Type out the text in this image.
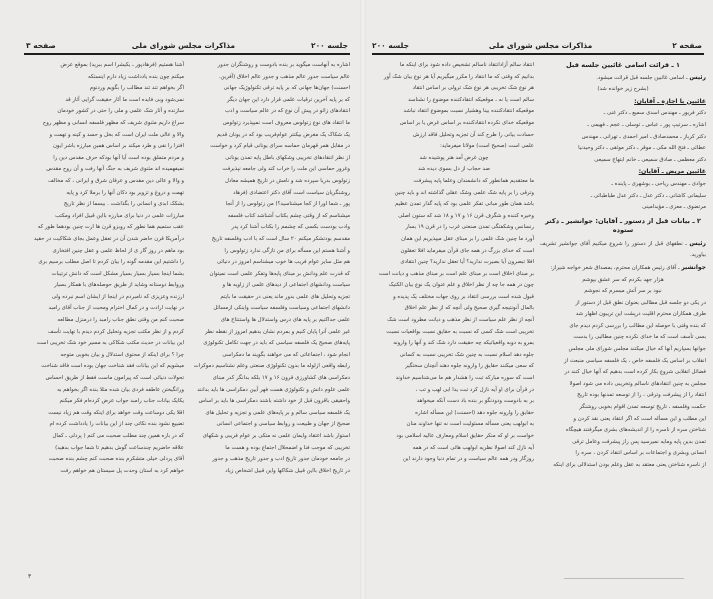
جلسه ۲۰۰
مذاکرات مجلس شورای ملی
صفحه ۳

اشاره به آنهاست میگوید بر بنده بادوست و روشنگران جدور

عالم سیاست جدور عالم مذهب و جدور عالم اخلاق (آفرین.

احسنت) جهان‌ها جهانی که بر پایه ترقی تکنولوژیک جهانی

که بر پایه آخرین ترقیات علمی قرار دارد این جهان دیگر

انتقادهای زائو در پیش آن نوع که در عالم سیاست و ادب

ما انتقاد های نوع زتولوس معروف است نمیپذیرد زتولوس

یک شکاک یک مغرض بیکنتر عوام‌فریب بود که در یونان قدیم

در مقابل همر قهرمان حماسه سرای یونانی قیام کرد و خواست

از نظر انتقادهای تخریبی وشکهای باطل پایه تمدن یونانی

وغرور حماسی این ملت را خراب کند ولی جامعه نپذیرفت

زتولوس بدریا سپرده شد و نامش در تاریخ همیشه معادل

روشنگریان سیاست است آقای دکتر اعتضادی (فرهاد

پور ـ شما اورا از کجا میشناسید؟) من زتولوس را از آنجا

میشناسم که از وقتی چشم بکتاب آشناشد کتاب فلسفه

وادب بودست بکسی که چشمم را بکتاب آشنا کرد پدر

مقدسم بودتشکر میکنم ۲۰ سال است که با ادب وفلسفه تاریخ

و آشنا هستم این مسأله برای من تازگی ندارد زتولوس را

هم مثل سایر عوام فریب ها خوب میشناسم امروز در دنیائی

که قدرت علم ودانش بر مبنای پایه‌ها وتفکر علمی است نمیتوان

سیاست ودانشهای اجتماعی از دیدهای علمی از زاویه ها و

تجزیه وتحلیل های علمی بدور ماند یعنی در حقیقت ما بایتم

دانشهای اجتماعی وسیاست وفلسفه سیاست واینکی ازمسائل

علمی جداکنیم بر پایه های درس واستدلال ها واستنتاج های

غیر علمی آنرا پایان کنیم و بمردم نشان بدهیم امروز از نقطه نظر

پایه‌های صحیح یک فلسفه سیاسی که باید در جهت تکامل تکنولوژی

انجام شود ، اجتماعاتی که می خواهند بگویند ما دمکراسی

رابطه واقعی ازلوله ما بدون تکنولوژی صنعتی وعلم نشناسیم دموکرات

دمکراسی های کشاورزی قرون ۱۶ و ۱۷ بلکه بدانگر کدر مبنای

علمی علوم دانش و تکنولوژی هست فهر آیین دمکراسی ها باید بدانند

واحقیقی باقرون قبل از خود داشته باشند دمکراسی ها باید بر اساس

یک فلسفه سیاسی سالم و بر پایه‌های علمی و تجزیه و تحلیل های

صحیح از جهان و طبیعت و روابط سیاسی و اجتماعی انسانی

استوار باشد اعتقاد وایمان علمی نه متکی بر عوام فریبی و شکهای

تخریبی که موجب فنا و اضمحلال اجتماع بوده و هست ما

در جامعه خودمان جدور تاریخ ادب و جدور تاریخ مذهب و جدور

در تاریخ اخلاق بااین قبیل شکاکها واین قبیل اشخاص زیاد

آشنا هستیم (فرهادپور ـ یکیشرا اسم ببرید) بموقع عرض

میکنم چون بنده یادداشت زیاد دارم اینستکه

اگر بخواهم تند تند مطالب را بگویم وردنوم

نمی‌شود وبی فایده است ما آثار حقیقت گرایی آثار قد

سازنده و آثار شک علمی و ملی را حتی در کشور خودمان

سراغ داریم مثنوی شریف که مظهر فلسفه انسانی و مظهر روح

والا و عالی ملت ایران است که بخل و حسد و کینه و تهمت و

افترا را نفی و طرد میکند بر اساس همین مبارزه باشر ایون

و مردم متملق بوده است آیا آنها بودکه حرف مقدس دین را

نمیفهمیده اند مثنوی شریف به جنگ آنها رفت و آن روح مقدس

و والا و عالی دین مقدس و عرفان شرق و ایرانی ، که مخالف

تهمت و دروغ و تزویر بود دکان آنها را برملا کرد و پایه

بشکک ابدی و انسانی را بگذاشت . بیسما از نظر تاریخ

مبارزات علمی در دنیا برای مبارزه بااین قبیل افراد ومکتب

عقب ستمیم هما نطور که روبزو قرن ها ارت چنین بودهما طور که

درآمریکا قرن حاضر شدن آن در تعقل وعمل بجای شکاکیت در حقید

بود ماهم در روز گار ی از لحاظ علمی و عقل چنین افتخاری

را داشتیم این مقدمه گونه را بیان کردم تا اصل مطلب برسیم بری

بشما اینجا بسیار بسیار بسیار مشکل است که دانش ترتیبات

وروابط دوستانه وشاید از طریق حوصله‌های با همکار بسیار

ارزنده وعزیزی که نامبردم در اینجا از ایشان اسم نبرده ولی

در نهایت ارادت و در کمال احترام ومحبت از جناب آقای رامبد

صحبت کنم من وقتی نطق جناب رامبد را درمنزل مطالعه

کردم و از نظر مکتب تجزیه وتحلیل کردم دیدم با نهایت تأسف

این بیانات در حدیث مکتب شکاکی به مسیر خود شک تخریبی است

چرا ؟ برای اینکه از محتوی استدلال و بیان بخوبی متوجه

میشویم که این بیانات فقد شناخت جهان بوده است فاقد شناخت

تحولات دنیائی است که پیرامون ماست فقط از طریق احساس

ورانگیختن عاطفه فردی بیان شده مثلا بنده اگر بخواهم به

یکایک بیانات جناب رامبد جواب عرض کرده‌ام فکر میکنم

اقلا یکی دوساعت وقت خواهد برای اینکه وقت هم زیاد نیست

تضییع نشود بنده نکاتی چند از این بیانات را یادداشت کرده ام

که در باره همین چند مطلب صحبت می کنم ( پردلی ـ کمال

علاقه حاضریم چندساعت گوش بدهیم تا شما جواب بدهید)

آقای پردلی خیلی متشکرم بنده صحبت کنم چشم بنده صحبت

خواهم کرد به استان وحدت پل سیستان هم خواهم رفت

۳
جلسه ۲۰۰	مذاکرات مجلس شورای ملی	صفحه ۲

۱ ـ قرائت اسامی غائبین جلسه قبل

رئیس ـ اسامی غائبین جلسه قبل قرائت میشود.

(بشرح زیر خوانده شد)

غائبین با اجازه ـ آقایان:

دکتر فریور ـ مهندس اسدی سمیع ـ دکتر غنی ـ

اشاره ـ سرتیپ پور ـ عباس ـ توسلی ـ عجم ـ فهیمی ـ

دکتر کرباز ـ محمدصادق ـ امیر احمدی ـ تهرانی ـ مهندس

عطائی ـ فتح الله مکی ـ موقر ـ دکتر موثقی ـ دکتر وحیدنیا

دکتر معظمی ـ صادق سمیعی ـ خانم ابتهاج سمیعی

غائبین مریض ـ آقایان:

جوادی ـ مهندس ریاحی ـ بوشهری ـ پاینده ـ

سلیمانی کاشانی ـ دکتر عدل ـ دکتر عدل طباطبائی ـ

مرتضوی ـ معزی ـ مؤیدامینی

۲ ـ بیانات قبل از دستور ـ آقایان: جوانشیر ـ دکتر ستوده

رئیس ـ نطقهای قبل از دستور را شروع میکنیم آقای جوانشیر تشریف بیاورید.

جوانشیر ـ آقای رئیس همکاران محترم، بمصداق شعر خواجه شیراز:

هزار جهد بکردم که سر عشق بپوشم

نبود بر سر آتش میسرم که نجوشم

در یکی دو جلسه قبل مطالبی بعنوان نطق قبل از دستور از

طرف همکاران محترم اقلیت درپشت این تریبون اظهار شد

که بنده وقتی با حوصله این مطالب را بررسی کردم دیدم جای

بسی تأسف است که ما خدای نکرده چنین مطالبی را بدست

جوانها بسپاریم آنها که خیال میکنند مجلس شورای ملی مجلس

انقلاب بر اساس یک فلسفه خاص ، یک فلسفه سیاسی منبعث از

فضائل انقلابی شروع بکار کرده است بدهیم که آنها خیال کنند در

مجلس به چنین انتقادهای ناسالم وتخریبی داده می شود اصولا

انتقاد را از پیشرفت وترقی ، را از توسعه تمدنها بوده تاریخ

حکمت وفلسفه ، تاریخ توسعه تمدن اقوام بخوبی روشنگر

این مطلب و این مسأله است که اگر انتقاد یعنی نقد کردن و

شناختن سره از ناسره را از اندیشه‌های بشری میگرفتند هیچگاه

تمدن بدین پایه ومایه نمیرسید پس راز پیشرفت وعامل ترقی

انسانی وبشری و اجتماعات بر اساس انتقاد کردن ، سره را

از ناسره شناختن یعنی معتقد به عقل وعلم بودن استدلالی برای اینکه

انتقاد سالم آزادانتقاد ناسالم تشخیص داده شود برای اینکه ما

بدانیم که وقتی که ما انتقاد را مکرر میگیریم آیا هر نوع بیان شک آور

هر نوع شک تخریبی هر نوع شک ترولی بر اساس انتقاد

سالم است یا نه ، موقعیکه انتقادکننده موضوع را نشناسد

موقعیکه انتقادکننده بینا وهشیار نسبت بموضوع انتقاد نباشد

موقعیکه خدای نکرده انتقادکننده بر اساس غرض یا بر اساس

حسادت بیانی را طرح کند آن تجزیه وتحلیل فاقد ارزش

علمی است (صحیح است) مولانا میفرماید:

چون غرض آمد هنر پوشیده شد

صد حجاب از دل بسوی دیده شد

ما معتقدیم همانطور که دانشمندان وعلما پایه پیشرفت

وترقی را بر پایه شک علمی وشک عقلی گذاشته اند و باید چنین

باشد همان طور مبانی تفکر علمی بود که پایه گذار تمدن عظیم

وخیره کننده و شگرف قرن ۱۶ و ۱۷ و ۱۸ شد که ستون اصلی

رنسانس وشکفتگی تمدن صنعتی غرب را در قرن ۱۹ بسار

آورد ما چنین شک علمی را بر مبنای عقل میپذیریم این همان

است که خدای بزرگ در همه جای قرآن میفرماید افلا تعقلون

افلا تبصرون آیا بصیرت ندارید؟ آیا تعقل ندارید؟ چنین انتقادی

بر مبنای اخلاق است بر مبنای علم است بر مبنای مذهب و دیانت است

چون در همه جا چه از نظر اخلاق و علم عنوان یک نوع بیان الکتیک

قبول شده است بررسی انتقاد بر روی جهات مختلف یک پدیده و

بالمال آنونتیجه گیری صحیح ولی آنچه که از نظر علم اخلاق

آنچه از نظر علم سیاست از نظر مذهب و دیانت مطرود است شک

تخریبی است شک کسی که نسبت به حقایق نسبت بواقعیات نسبت

بمرو به دوبه واقعیاتیکه چه حقیقت دارد شک کند و آنها را وارونه

جلوه دهد اسلام نسبت به چنین شک تخریبی نسبت به کسانی

که سعی میکنند حقایق را وارونه جلوه دهند آنچنان سختگیر

است که سوره مبارکه تبت را هشدار هم ما می‌شناسیم خداوند

در قرآن برای او آیه نازل کرد تبت یدا ابی لهب و تب ،

بر به بادوست ودودنگو بر بنده باد دست آنکه میخواهد

حقایق را وارونه جلوه دهد (احسنت) این مسأله اشاره

به ابولهب یعنی مسأله مسئولیت است نه تنها خداوند منان

خواست بر او که منکر حقایق اسلام ومعارف عالیه اسلامی بود

آیه نازل کند اصولا نظریه ابولهب هائی است که در همه

روزگار ودر همه عالم سیاست و در تمام دنیا وجود دارند این
